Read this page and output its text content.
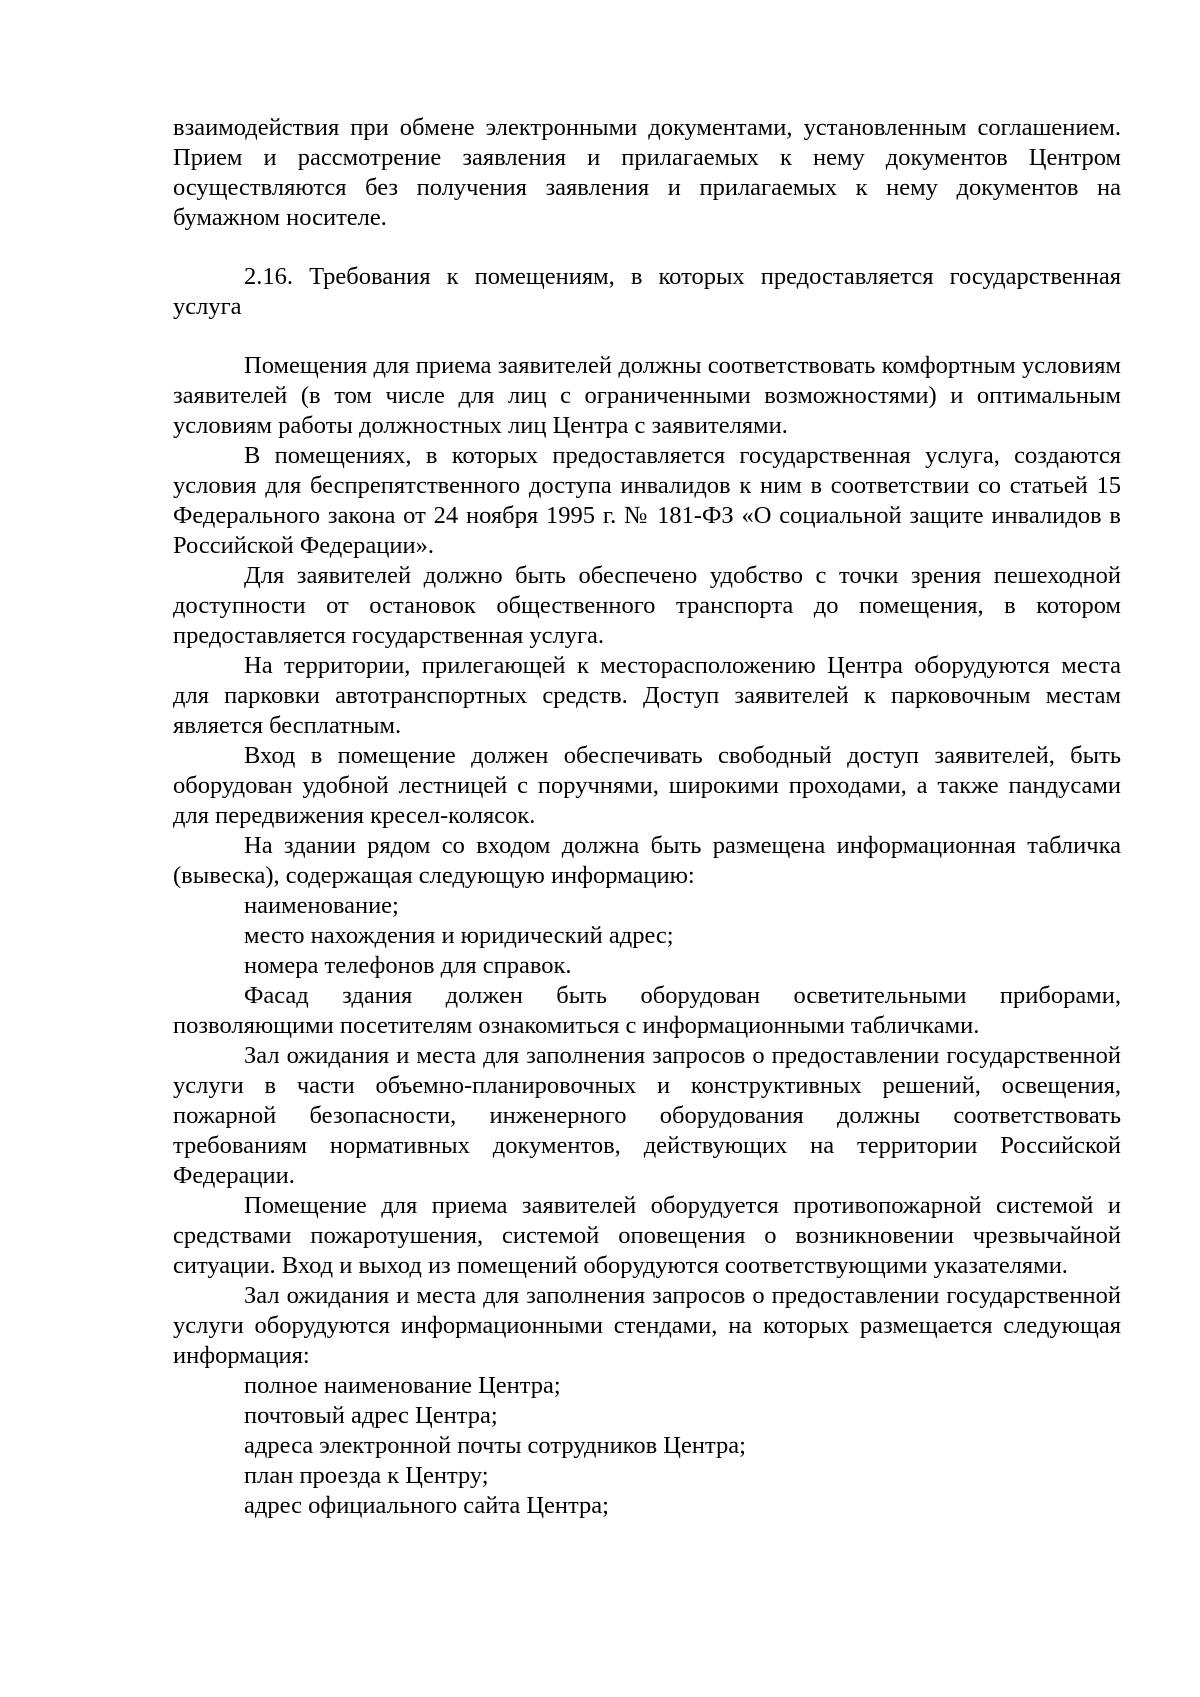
взаимодействия при обмене электронными документами, установленным соглашением. Прием и рассмотрение заявления и прилагаемых к нему документов Центром осуществляются без получения заявления и прилагаемых к нему документов на бумажном носителе.

2.16. Требования к помещениям, в которых предоставляется государственная услуга

Помещения для приема заявителей должны соответствовать комфортным условиям заявителей (в том числе для лиц с ограниченными возможностями) и оптимальным условиям работы должностных лиц Центра с заявителями.

В помещениях, в которых предоставляется государственная услуга, создаются условия для беспрепятственного доступа инвалидов к ним в соответствии со статьей 15 Федерального закона от 24 ноября 1995 г. № 181-ФЗ «О социальной защите инвалидов в Российской Федерации».

Для заявителей должно быть обеспечено удобство с точки зрения пешеходной доступности от остановок общественного транспорта до помещения, в котором предоставляется государственная услуга.

На территории, прилегающей к месторасположению Центра оборудуются места для парковки автотранспортных средств. Доступ заявителей к парковочным местам является бесплатным.

Вход в помещение должен обеспечивать свободный доступ заявителей, быть оборудован удобной лестницей с поручнями, широкими проходами, а также пандусами для передвижения кресел-колясок.

На здании рядом со входом должна быть размещена информационная табличка (вывеска), содержащая следующую информацию:

наименование;

место нахождения и юридический адрес;

номера телефонов для справок.

Фасад здания должен быть оборудован осветительными приборами, позволяющими посетителям ознакомиться с информационными табличками.

Зал ожидания и места для заполнения запросов о предоставлении государственной услуги в части объемно-планировочных и конструктивных решений, освещения, пожарной безопасности, инженерного оборудования должны соответствовать требованиям нормативных документов, действующих на территории Российской Федерации.

Помещение для приема заявителей оборудуется противопожарной системой и средствами пожаротушения, системой оповещения о возникновении чрезвычайной ситуации. Вход и выход из помещений оборудуются соответствующими указателями.

Зал ожидания и места для заполнения запросов о предоставлении государственной услуги оборудуются информационными стендами, на которых размещается следующая информация:

полное наименование Центра;

почтовый адрес Центра;

адреса электронной почты сотрудников Центра;

план проезда к Центру;

адрес официального сайта Центра;
